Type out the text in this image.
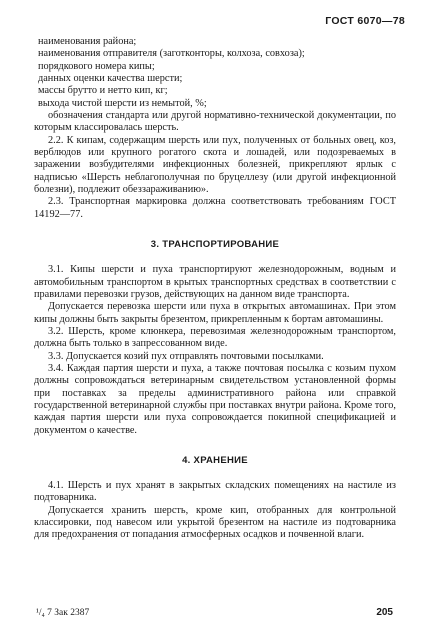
ГОСТ 6070—78

наименования района;

наименования отправителя (заготконторы, колхоза, совхоза);

порядкового номера кипы;

данных оценки качества шерсти;

массы брутто и нетто кип, кг;

выхода чистой шерсти из немытой, %;

обозначения стандарта или другой нормативно-технической документации, по которым классировалась шерсть.

2.2. К кипам, содержащим шерсть или пух, полученных от больных овец, коз, верблюдов или крупного рогатого скота и лошадей, или подозреваемых в заражении возбудителями инфекционных болезней, прикрепляют ярлык с надписью «Шерсть неблагополучная по бруцеллезу (или другой инфекционной болезни), подлежит обеззараживанию».

2.3. Транспортная маркировка должна соответствовать требованиям ГОСТ 14192—77.

3. ТРАНСПОРТИРОВАНИЕ

3.1. Кипы шерсти и пуха транспортируют железнодорожным, водным и автомобильным транспортом в крытых транспортных средствах в соответствии с правилами перевозки грузов, действующих на данном виде транспорта.

Допускается перевозка шерсти или пуха в открытых автомашинах. При этом кипы должны быть закрыты брезентом, прикрепленным к бортам автомашины.

3.2. Шерсть, кроме клюнкера, перевозимая железнодорожным транспортом, должна быть только в запрессованном виде.

3.3. Допускается козий пух отправлять почтовыми посылками.

3.4. Каждая партия шерсти и пуха, а также почтовая посылка с козьим пухом должны сопровождаться ветеринарным свидетельством установленной формы при поставках за пределы административного района или справкой государственной ветеринарной службы при поставках внутри района. Кроме того, каждая партия шерсти или пуха сопровождается покипной спецификацией и документом о качестве.

4. ХРАНЕНИЕ

4.1. Шерсть и пух хранят в закрытых складских помещениях на настиле из подтоварника.

Допускается хранить шерсть, кроме кип, отобранных для контрольной классировки, под навесом или укрытой брезентом на настиле из подтоварника для предохранения от попадания атмосферных осадков и почвенной влаги.

¹/₄ 7 Зак 2387	205
